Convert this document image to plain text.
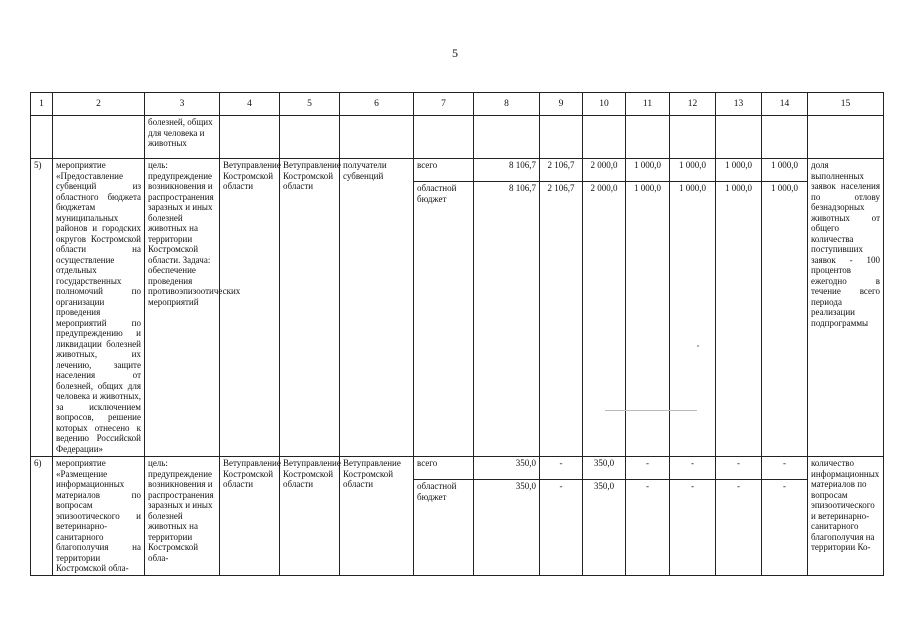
5
1	2	3	4	5	6	7	8	9	10	11	12	13	14	15
		болезней, общих для человека и животных												
5)	мероприятие «Предоставление субвенций из областного бюджета бюджетам муниципальных районов и городских округов Костромской области на осуществление отдельных государственных полномочий по организации проведения мероприятий по предупреждению и ликвидации болезней животных, их лечению, защите населения от болезней, общих для человека и животных, за исключением вопросов, решение которых отнесено к ведению Российской Федерации»	цель: предупреждение возникновения и распространения заразных и иных болезней животных на территории Костромской области. Задача: обеспечение проведения противоэпизоотических мероприятий	Ветуправление Костромской области	Ветуправление Костромской области	получатели субвенций	всего	8 106,7	2 106,7	2 000,0	1 000,0	1 000,0	1 000,0	1 000,0	доля выполненных заявок населения по отлову безнадзорных животных от общего количества поступивших заявок - 100 процентов ежегодно в течение всего периода реализации подпрограммы
						областной бюджет	8 106,7	2 106,7	2 000,0	1 000,0	1 000,0	1 000,0	1 000,0	
6)	мероприятие «Размещение информационных материалов по вопросам эпизоотического и ветеринарно-санитарного благополучия на территории Костромской обла-	цель: предупреждение возникновения и распространения заразных и иных болезней животных на территории Костромской обла-	Ветуправление Костромской области	Ветуправление Костромской области	Ветуправление Костромской области	всего	350,0	-	350,0	-	-	-	-	количество информационных материалов по вопросам эпизоотического и ветеринарно-санитарного благополучия на территории Ко-
						областной бюджет	350,0	-	350,0	-	-	-	-	
